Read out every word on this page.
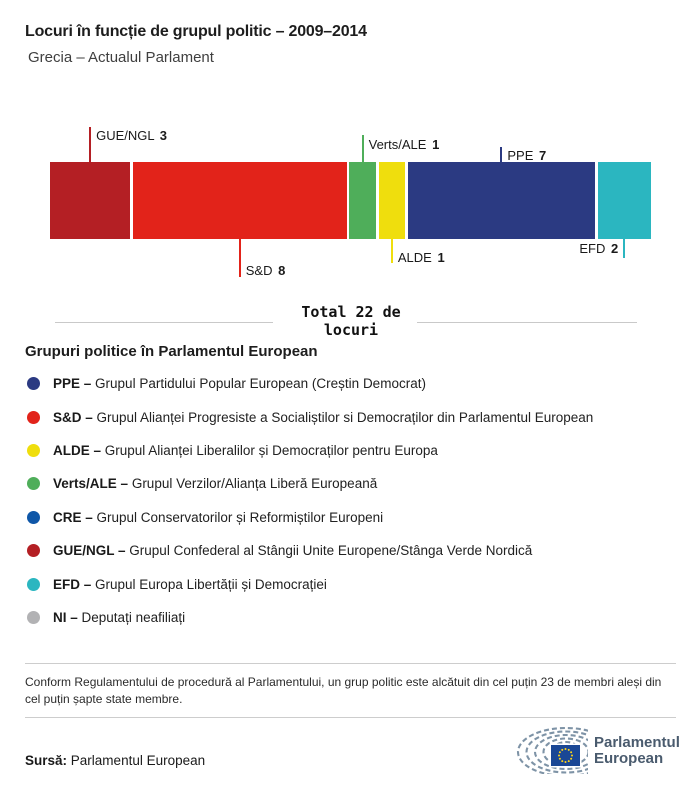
Locuri în funcție de grupul politic – 2009–2014
Grecia – Actualul Parlament
GUE/NGL 3
S&D 8
Verts/ALE 1
ALDE 1
PPE 7
EFD 2
Total 22 de locuri
Grupuri politice în Parlamentul European
PPE – Grupul Partidului Popular European (Creștin Democrat)
S&D – Grupul Alianței Progresiste a Socialiștilor si Democraților din Parlamentul European
ALDE – Grupul Alianței Liberalilor și Democraților pentru Europa
Verts/ALE – Grupul Verzilor/Alianța Liberă Europeană
CRE – Grupul Conservatorilor și Reformiștilor Europeni
GUE/NGL – Grupul Confederal al Stângii Unite Europene/Stânga Verde Nordică
EFD – Grupul Europa Libertății și Democrației
NI – Deputați neafiliați
Conform Regulamentului de procedură al Parlamentului, un grup politic este alcătuit din cel puțin 23 de membri aleși din cel puțin șapte state membre.
Sursă: Parlamentul European
Parlamentul European
